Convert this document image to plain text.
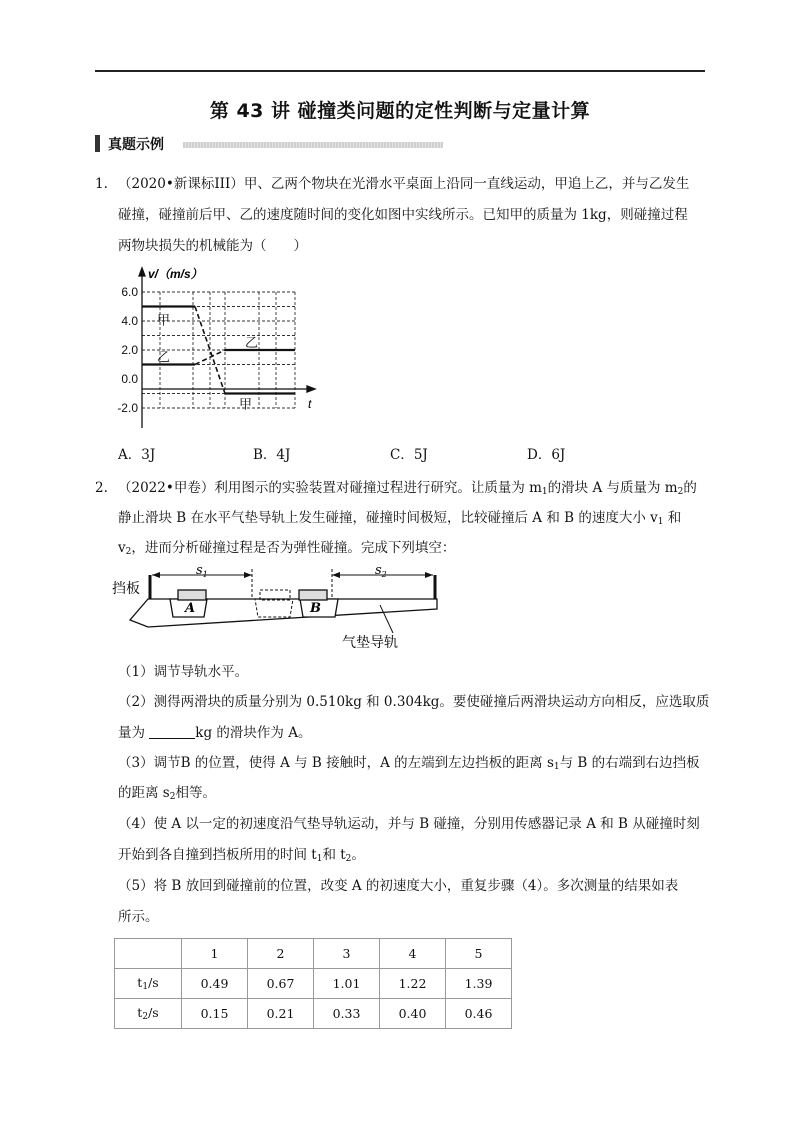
第 43 讲 碰撞类问题的定性判断与定量计算
真题示例
1. （2020•新课标III）甲、乙两个物块在光滑水平桌面上沿同一直线运动，甲追上乙，并与乙发生
碰撞，碰撞前后甲、乙的速度随时间的变化如图中实线所示。已知甲的质量为 1kg，则碰撞过程
两物块损失的机械能为（　　）
6.0
4.0
2.0
0.0
-2.0
v/（m/s）
t
甲
乙
乙
甲
A．3J	B．4J	C．5J	D．6J
2. （2022•甲卷）利用图示的实验装置对碰撞过程进行研究。让质量为 $m_1$的滑块 A 与质量为 $m_2$的
静止滑块 B 在水平气垫导轨上发生碰撞，碰撞时间极短，比较碰撞后 A 和 B 的速度大小 $v_1$ 和
$v_2$，进而分析碰撞过程是否为弹性碰撞。完成下列填空：
挡板
$s_1$	$s_2$
A	B
气垫导轨
（1）调节导轨水平。
（2）测得两滑块的质量分别为 0.510kg 和 0.304kg。要使碰撞后两滑块运动方向相反，应选取质
量为	kg 的滑块作为 A。
（3）调节B 的位置，使得 A 与 B 接触时，A 的左端到左边挡板的距离 $s_1$与 B 的右端到右边挡板
的距离 $s_2$相等。
（4）使 A 以一定的初速度沿气垫导轨运动，并与 B 碰撞，分别用传感器记录 A 和 B 从碰撞时刻
开始到各自撞到挡板所用的时间 $t_1$和 $t_2$。
（5）将 B 放回到碰撞前的位置，改变 A 的初速度大小，重复步骤（4）。多次测量的结果如表
所示。
	1	2	3	4	5
$t_1/s$	0.49	0.67	1.01	1.22	1.39
$t_2/s$	0.15	0.21	0.33	0.40	0.46
